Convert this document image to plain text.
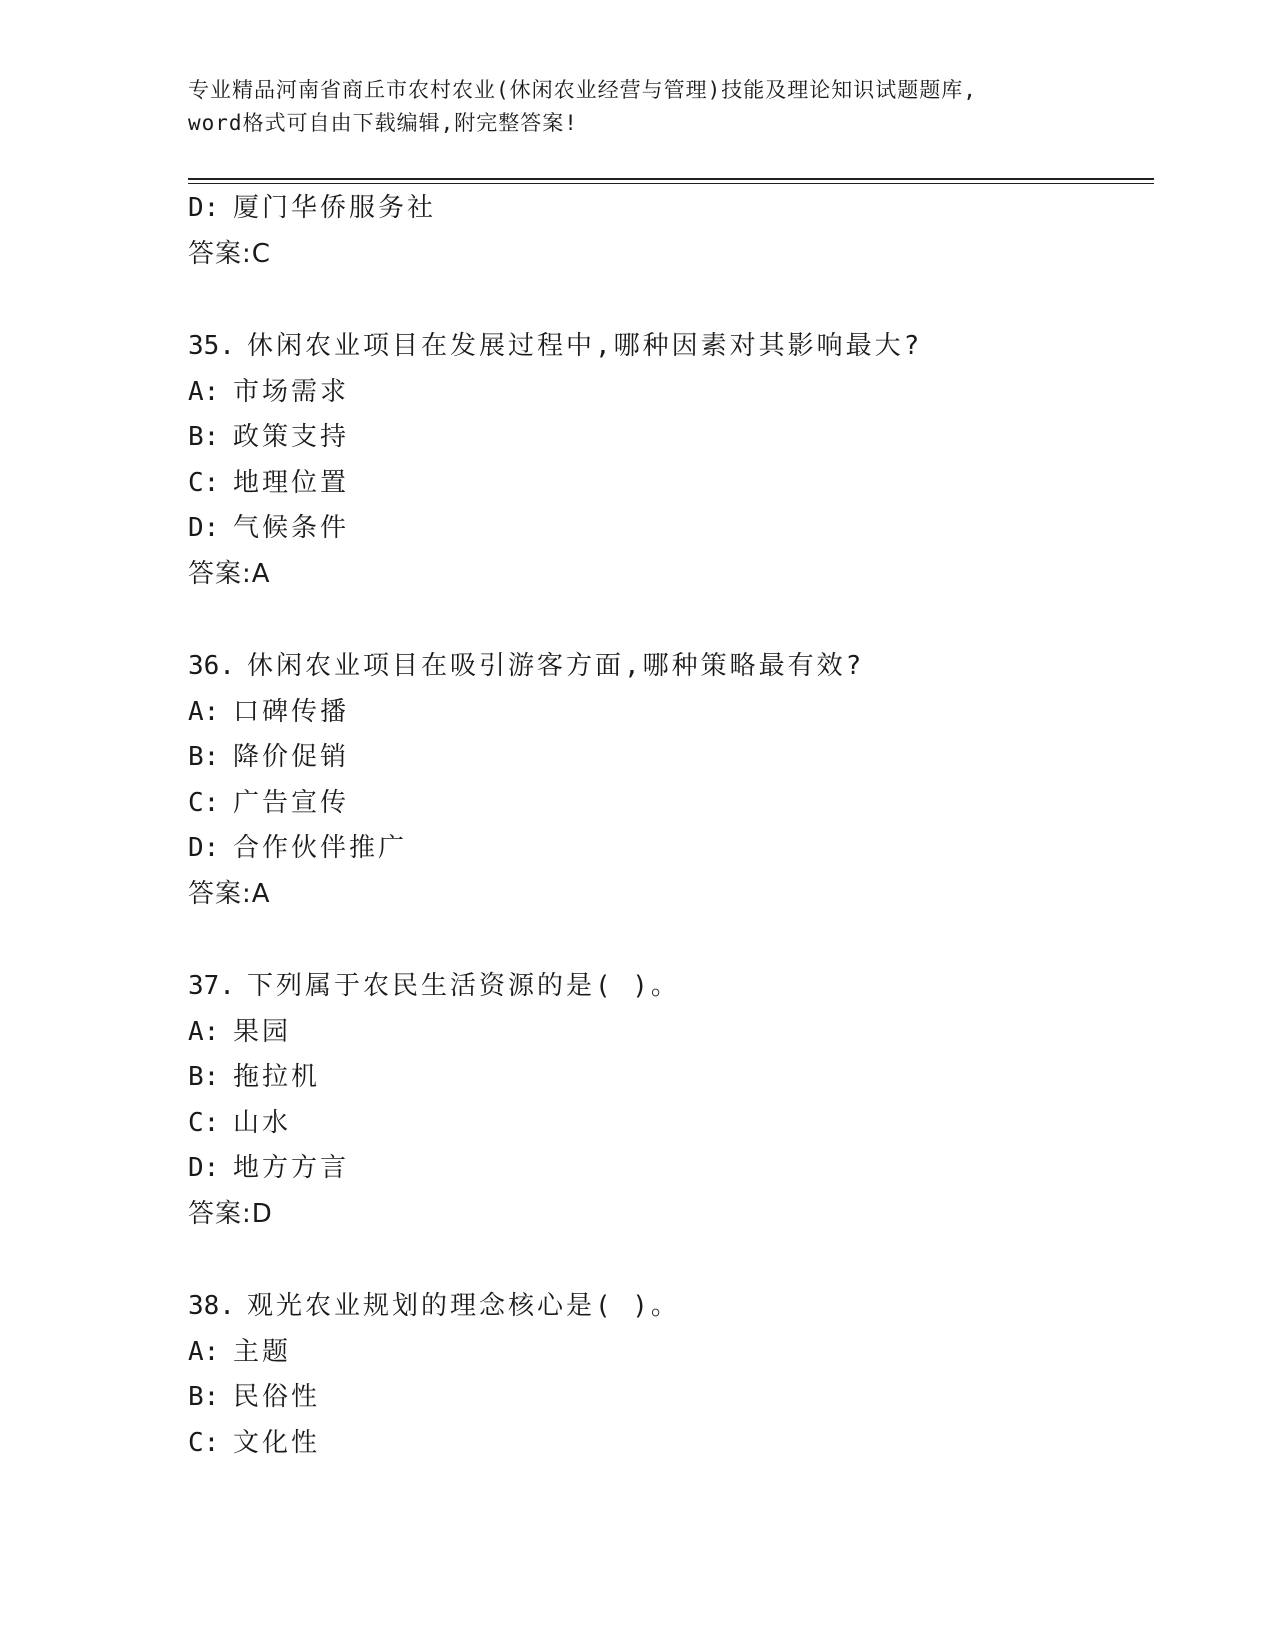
专业精品河南省商丘市农村农业(休闲农业经营与管理)技能及理论知识试题题库,
word格式可自由下载编辑,附完整答案!
D: 厦门华侨服务社
答案:C
35. 休闲农业项目在发展过程中,哪种因素对其影响最大?
A: 市场需求
B: 政策支持
C: 地理位置
D: 气候条件
答案:A
36. 休闲农业项目在吸引游客方面,哪种策略最有效?
A: 口碑传播
B: 降价促销
C: 广告宣传
D: 合作伙伴推广
答案:A
37. 下列属于农民生活资源的是( )。
A: 果园
B: 拖拉机
C: 山水
D: 地方方言
答案:D
38. 观光农业规划的理念核心是( )。
A: 主题
B: 民俗性
C: 文化性
